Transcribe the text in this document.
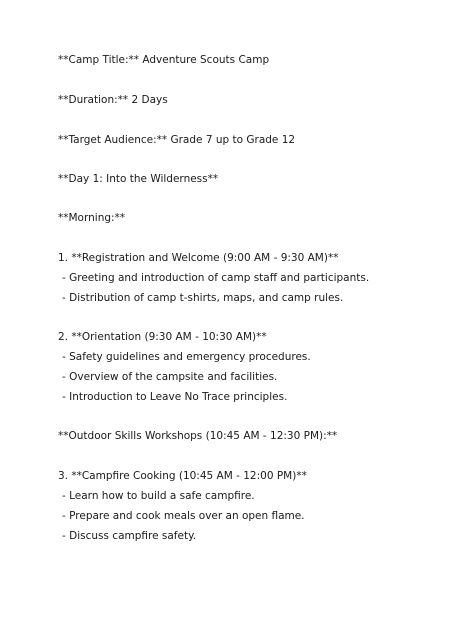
**Camp Title:** Adventure Scouts Camp
**Duration:** 2 Days
**Target Audience:** Grade 7 up to Grade 12
**Day 1: Into the Wilderness**
**Morning:**
1. **Registration and Welcome (9:00 AM - 9:30 AM)**
- Greeting and introduction of camp staff and participants.
- Distribution of camp t-shirts, maps, and camp rules.
2. **Orientation (9:30 AM - 10:30 AM)**
- Safety guidelines and emergency procedures.
- Overview of the campsite and facilities.
- Introduction to Leave No Trace principles.
**Outdoor Skills Workshops (10:45 AM - 12:30 PM):**
3. **Campfire Cooking (10:45 AM - 12:00 PM)**
- Learn how to build a safe campfire.
- Prepare and cook meals over an open flame.
- Discuss campfire safety.
